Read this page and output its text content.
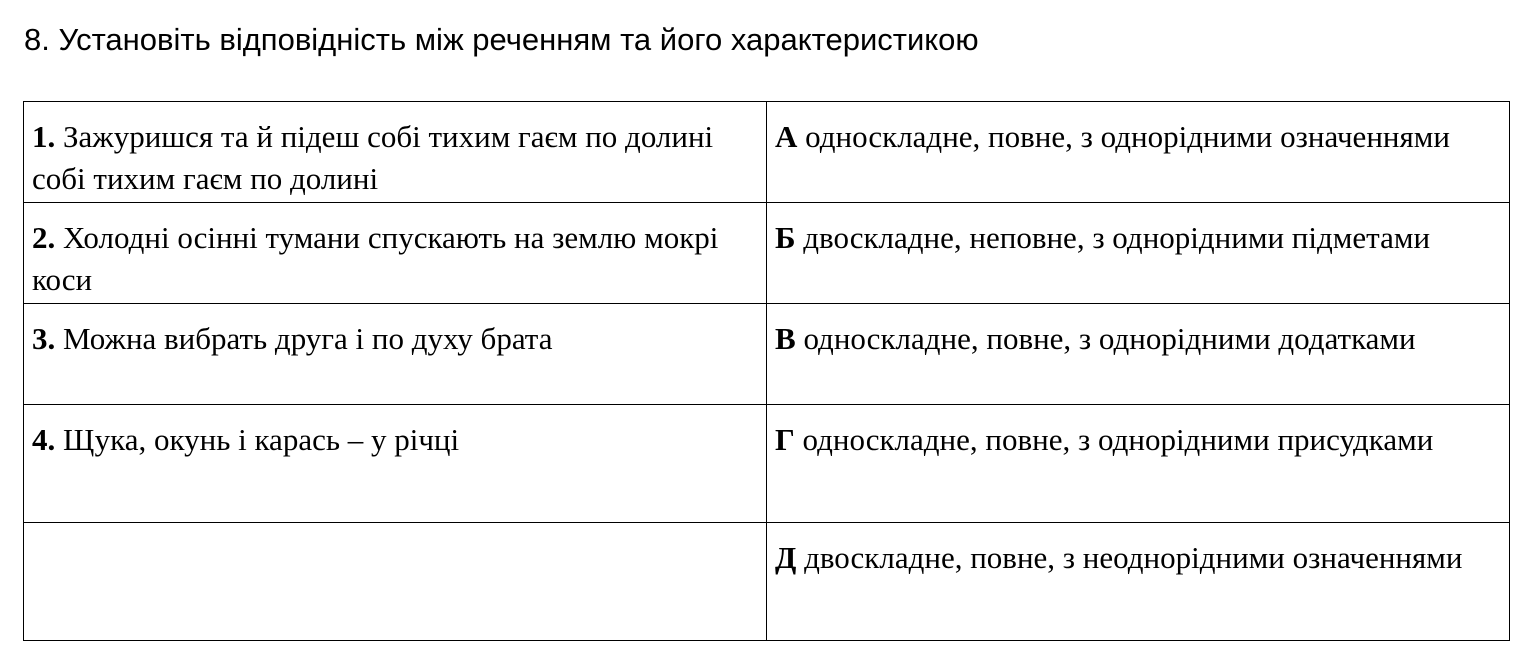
8. Установіть відповідність між реченням та його характеристикою
1. Зажуришся та й підеш собі тихим гаєм по долині собі тихим гаєм по долині	А односкладне, повне, з однорідними означеннями
2. Холодні осінні тумани спускають на землю мокрі коси	Б двоскладне, неповне, з однорідними підметами
3. Можна вибрать друга і по духу брата	В односкладне, повне, з однорідними додатками
4. Щука, окунь і карась – у річці	Г односкладне, повне, з однорідними присудками
	Д двоскладне, повне, з неоднорідними означеннями
